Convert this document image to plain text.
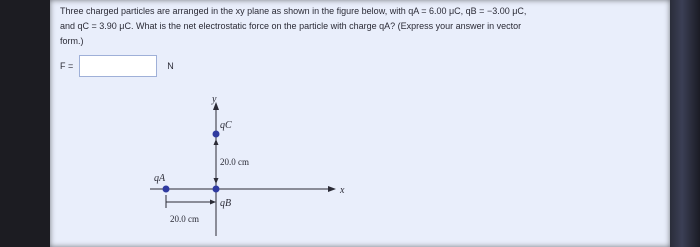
Three charged particles are arranged in the xy plane as shown in the figure below, with qA = 6.00 μC, qB = −3.00 μC,
and qC = 3.90 μC. What is the net electrostatic force on the particle with charge qA? (Express your answer in vector
form.)
F =	N
y
x
qC
20.0 cm
qB
qA
20.0 cm
